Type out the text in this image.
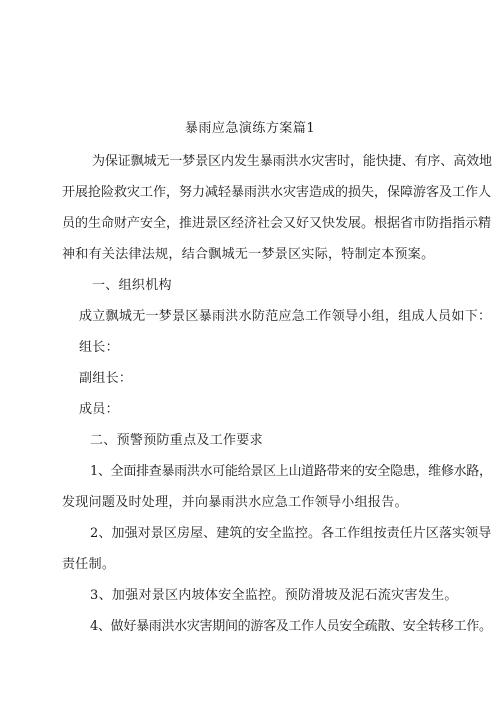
暴雨应急演练方案篇1
为保证飘城无一梦景区内发生暴雨洪水灾害时，能快捷、有序、高效地
开展抢险救灾工作，努力减轻暴雨洪水灾害造成的损失，保障游客及工作人
员的生命财产安全，推进景区经济社会又好又快发展。根据省市防指指示精
神和有关法律法规，结合飘城无一梦景区实际，特制定本预案。
一、组织机构
成立飘城无一梦景区暴雨洪水防范应急工作领导小组，组成人员如下：
组长：
副组长：
成员：
二、预警预防重点及工作要求
1、全面排查暴雨洪水可能给景区上山道路带来的安全隐患，维修水路，
发现问题及时处理，并向暴雨洪水应急工作领导小组报告。
2、加强对景区房屋、建筑的安全监控。各工作组按责任片区落实领导
责任制。
3、加强对景区内坡体安全监控。预防滑坡及泥石流灾害发生。
4、做好暴雨洪水灾害期间的游客及工作人员安全疏散、安全转移工作。
